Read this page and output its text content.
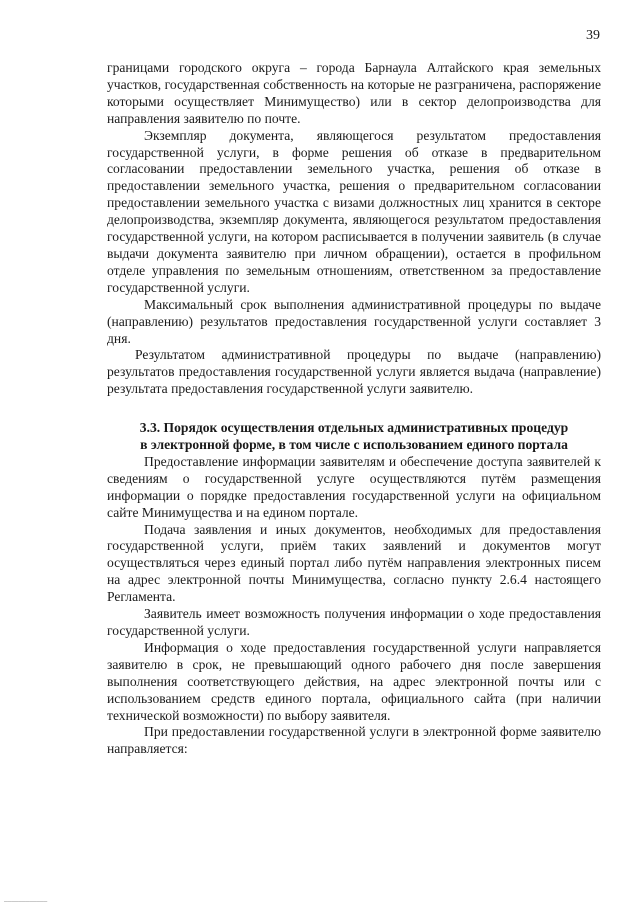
39

границами городского округа – города Барнаула Алтайского края земельных участков, государственная собственность на которые не разграничена, распоряжение которыми осуществляет Минимущество) или в сектор делопроизводства для направления заявителю по почте.

Экземпляр документа, являющегося результатом предоставления государственной услуги, в форме решения об отказе в предварительном согласовании предоставлении земельного участка, решения об отказе в предоставлении земельного участка, решения о предварительном согласовании предоставлении земельного участка с визами должностных лиц хранится в секторе делопроизводства, экземпляр документа, являющегося результатом предоставления государственной услуги, на котором расписывается в получении заявитель (в случае выдачи документа заявителю при личном обращении), остается в профильном отделе управления по земельным отношениям, ответственном за предоставление государственной услуги.

Максимальный срок выполнения административной процедуры по выдаче (направлению) результатов предоставления государственной услуги составляет 3 дня.

Результатом административной процедуры по выдаче (направлению) результатов предоставления государственной услуги является выдача (направление) результата предоставления государственной услуги заявителю.

3.3. Порядок осуществления отдельных административных процедур в электронной форме, в том числе с использованием единого портала

Предоставление информации заявителям и обеспечение доступа заявителей к сведениям о государственной услуге осуществляются путём размещения информации о порядке предоставления государственной услуги на официальном сайте Минимущества и на едином портале.

Подача заявления и иных документов, необходимых для предоставления государственной услуги, приём таких заявлений и документов могут осуществляться через единый портал либо путём направления электронных писем на адрес электронной почты Минимущества, согласно пункту 2.6.4 настоящего Регламента.

Заявитель имеет возможность получения информации о ходе предоставления государственной услуги.

Информация о ходе предоставления государственной услуги направляется заявителю в срок, не превышающий одного рабочего дня после завершения выполнения соответствующего действия, на адрес электронной почты или с использованием средств единого портала, официального сайта (при наличии технической возможности) по выбору заявителя.

При предоставлении государственной услуги в электронной форме заявителю направляется:

____________
